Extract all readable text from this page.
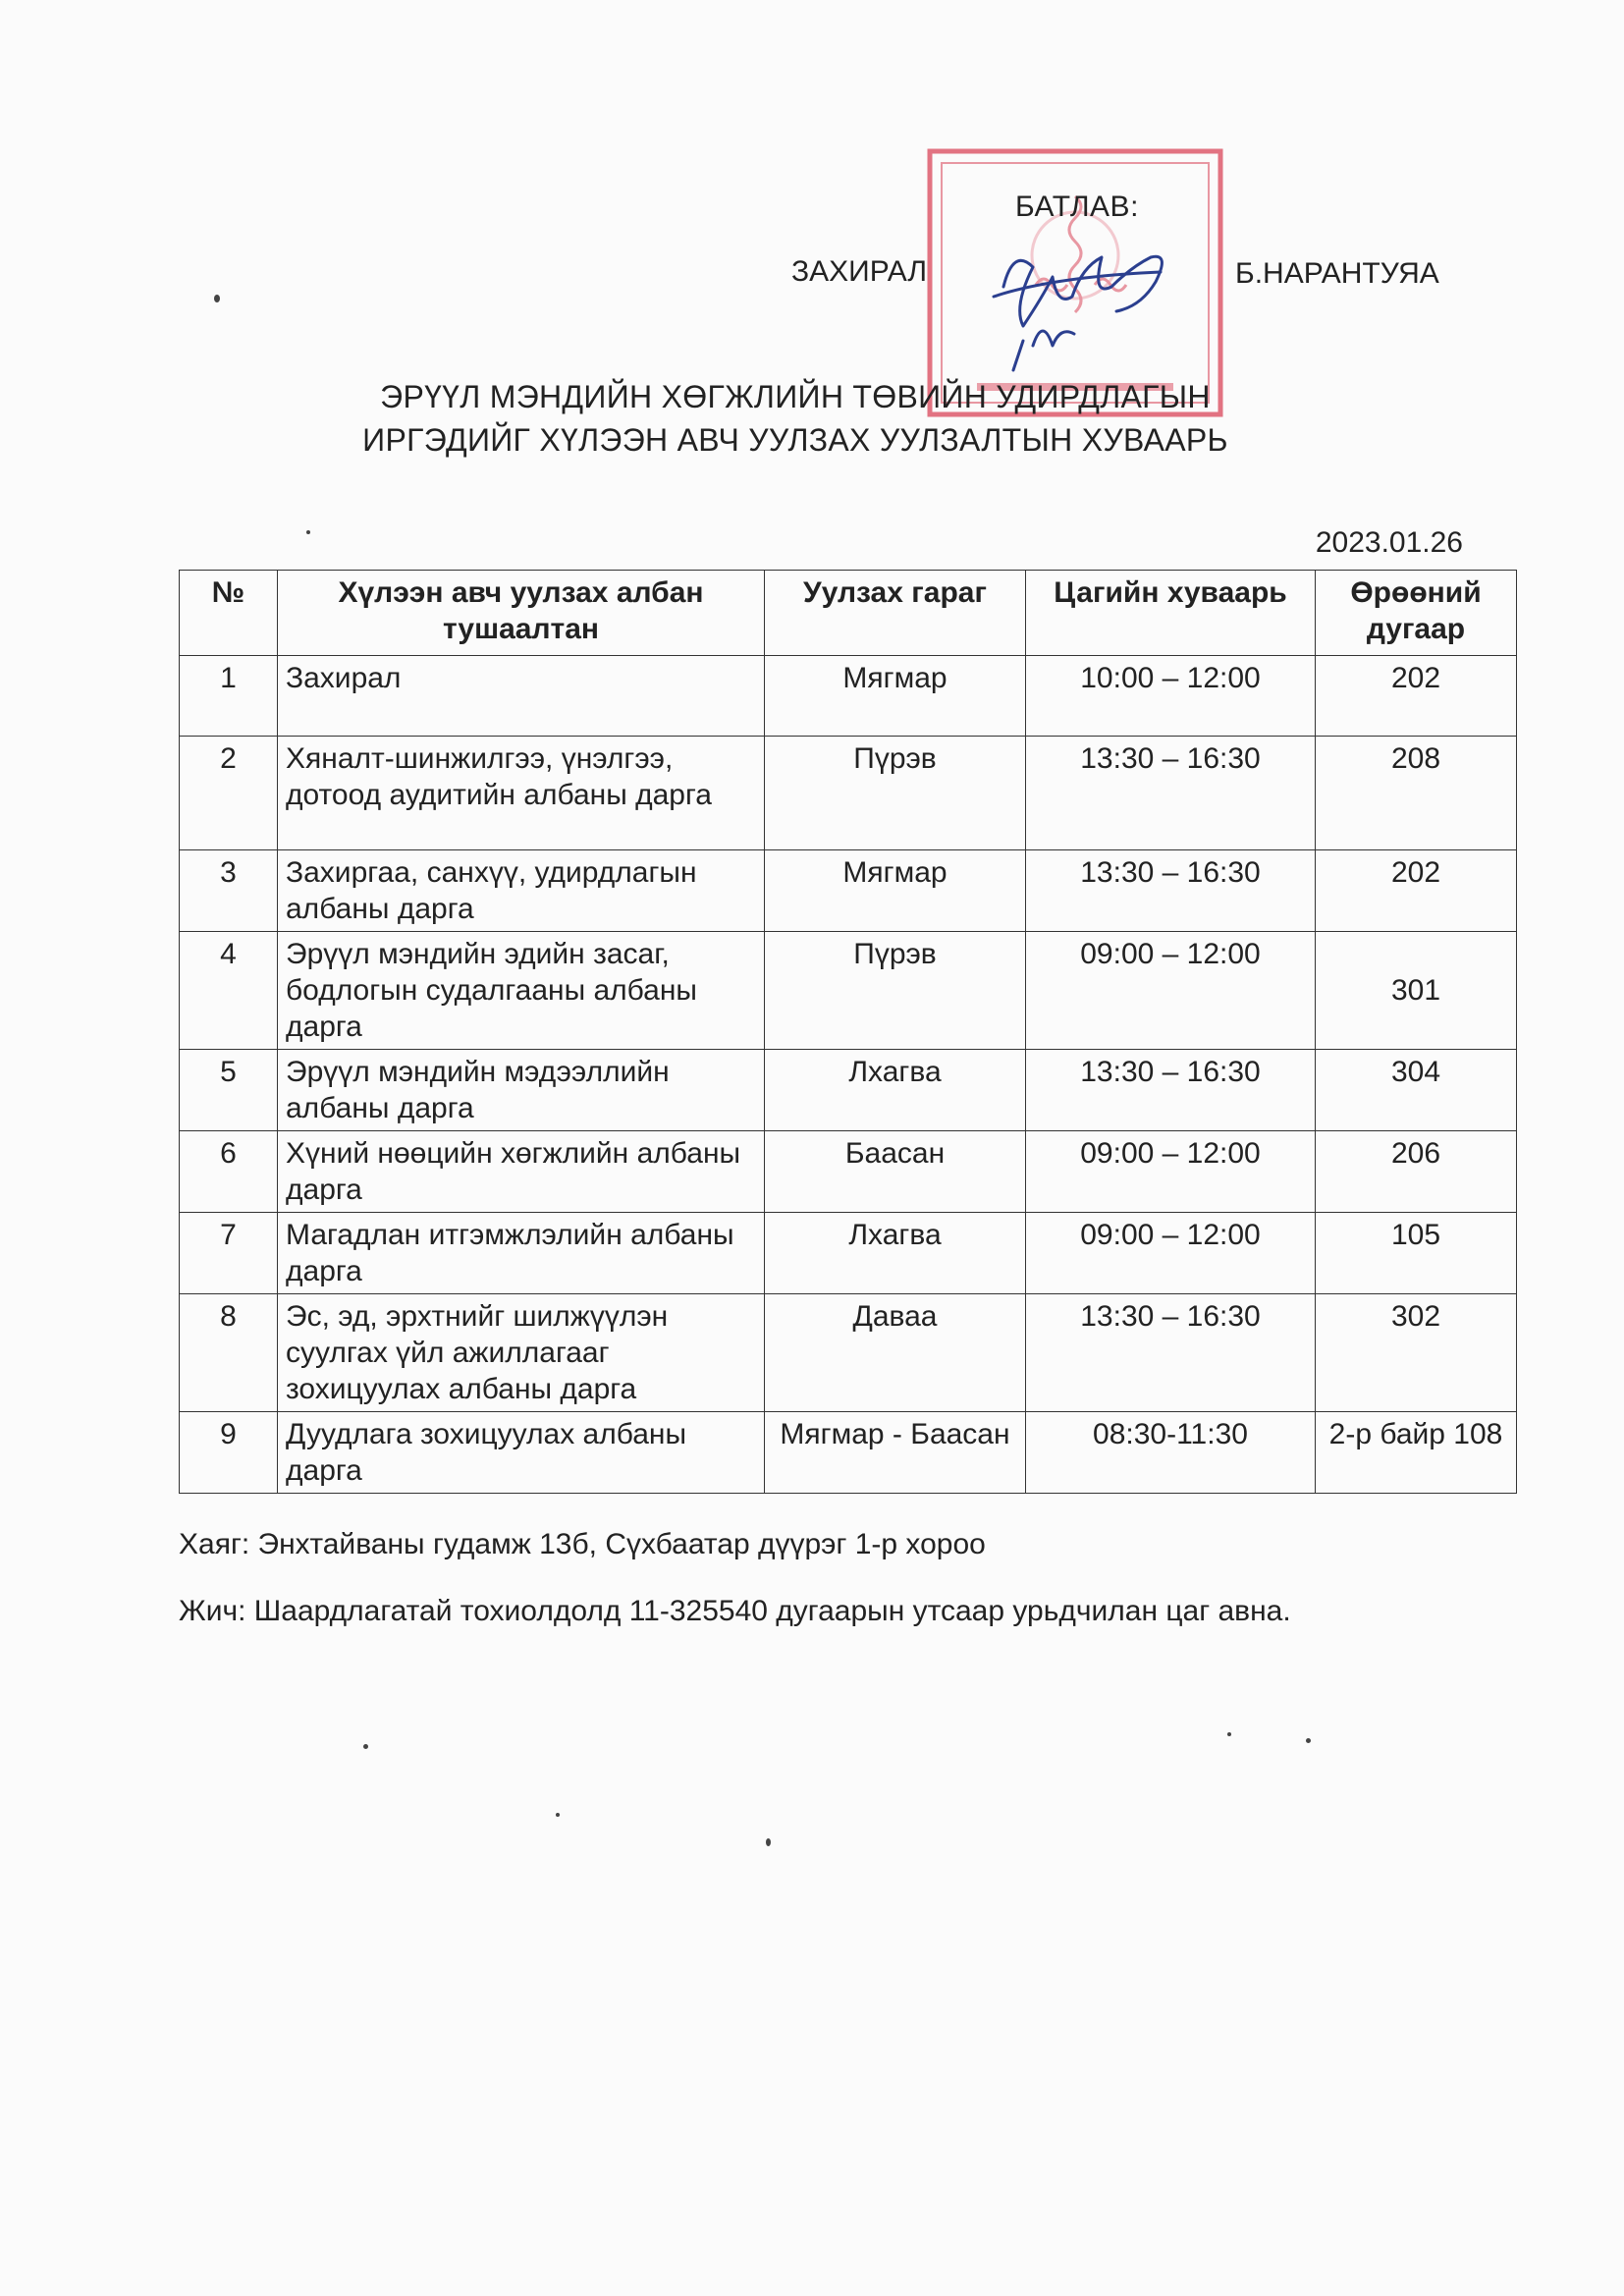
БАТЛАВ:
ЗАХИРАЛ	Б.НАРАНТУЯА
ЭРҮҮЛ МЭНДИЙН ХӨГЖЛИЙН ТӨВИЙН УДИРДЛАГЫН
ИРГЭДИЙГ ХҮЛЭЭН АВЧ УУЛЗАХ УУЛЗАЛТЫН ХУВААРЬ
2023.01.26
№	Хүлээн авч уулзах албан тушаалтан	Уулзах гараг	Цагийн хуваарь	Өрөөний дугаар
1	Захирал	Мягмар	10:00 – 12:00	202
2	Хяналт-шинжилгээ, үнэлгээ, дотоод аудитийн албаны дарга	Пүрэв	13:30 – 16:30	208
3	Захиргаа, санхүү, удирдлагын албаны дарга	Мягмар	13:30 – 16:30	202
4	Эрүүл мэндийн эдийн засаг, бодлогын судалгааны албаны дарга	Пүрэв	09:00 – 12:00	301
5	Эрүүл мэндийн мэдээллийн албаны дарга	Лхагва	13:30 – 16:30	304
6	Хүний нөөцийн хөгжлийн албаны дарга	Баасан	09:00 – 12:00	206
7	Магадлан итгэмжлэлийн албаны дарга	Лхагва	09:00 – 12:00	105
8	Эс, эд, эрхтнийг шилжүүлэн суулгах үйл ажиллагааг зохицуулах албаны дарга	Даваа	13:30 – 16:30	302
9	Дуудлага зохицуулах албаны дарга	Мягмар - Баасан	08:30-11:30	2-р байр 108
Хаяг: Энхтайваны гудамж 13б, Сүхбаатар дүүрэг 1-р хороо
Жич: Шаардлагатай тохиолдолд 11-325540 дугаарын утсаар урьдчилан цаг авна.
